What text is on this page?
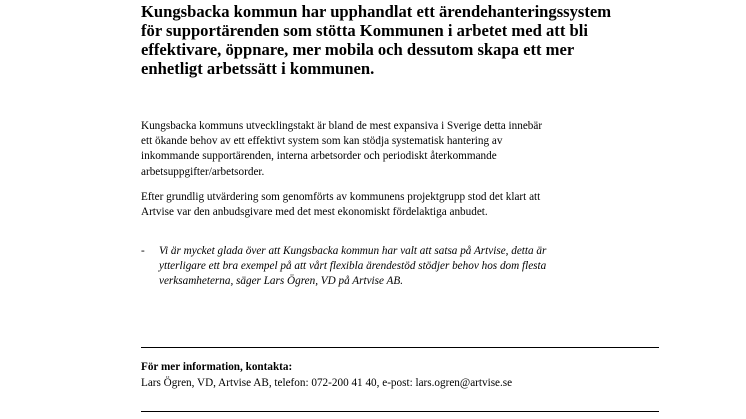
Kungsbacka kommun har upphandlat ett ärendehanteringssystem
för supportärenden som stötta Kommunen i arbetet med att bli
effektivare, öppnare, mer mobila och dessutom skapa ett mer
enhetligt arbetssätt i kommunen.

Kungsbacka kommuns utvecklingstakt är bland de mest expansiva i Sverige detta innebär
ett ökande behov av ett effektivt system som kan stödja systematisk hantering av
inkommande supportärenden, interna arbetsorder och periodiskt återkommande
arbetsuppgifter/arbetsorder.

Efter grundlig utvärdering som genomförts av kommunens projektgrupp stod det klart att
Artvise var den anbudsgivare med det mest ekonomiskt fördelaktiga anbudet.

- Vi är mycket glada över att Kungsbacka kommun har valt att satsa på Artvise, detta är
ytterligare ett bra exempel på att vårt flexibla ärendestöd stödjer behov hos dom flesta
verksamheterna, säger Lars Ögren, VD på Artvise AB.

För mer information, kontakta:

Lars Ögren, VD, Artvise AB, telefon: 072-200 41 40, e-post: lars.ogren@artvise.se
